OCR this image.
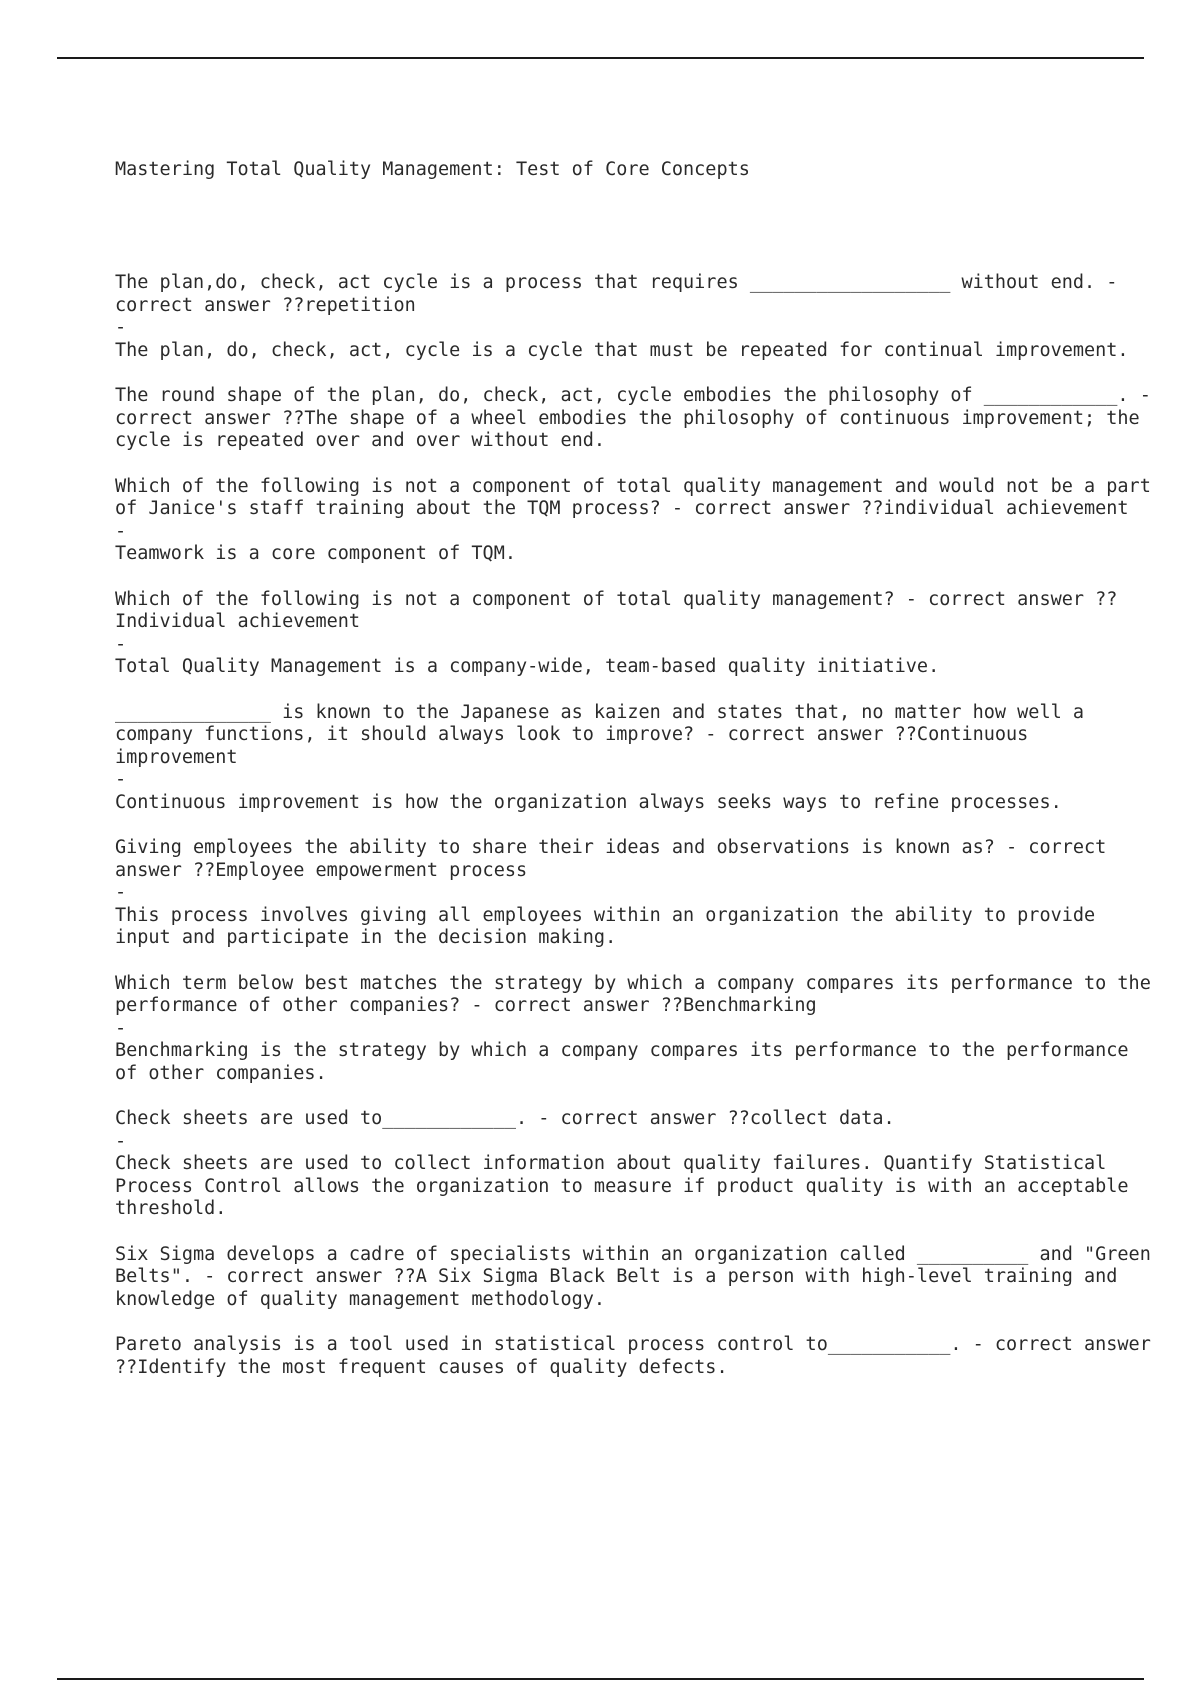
Mastering Total Quality Management: Test of Core Concepts

The plan,do, check, act cycle is a process that requires __________________ without end. - correct answer ??repetition

-

The plan, do, check, act, cycle is a cycle that must be repeated for continual improvement.

The round shape of the plan, do, check, act, cycle embodies the philosophy of ____________. - correct answer ??The shape of a wheel embodies the philosophy of continuous improvement; the cycle is repeated over and over without end.

Which of the following is not a component of total quality management and would not be a part of Janice's staff training about the TQM process? - correct answer ??individual achievement

-

Teamwork is a core component of TQM.

Which of the following is not a component of total quality management? - correct answer ??Individual achievement

-

Total Quality Management is a company-wide, team-based quality initiative.

______________ is known to the Japanese as kaizen and states that, no matter how well a company functions, it should always look to improve? - correct answer ??Continuous improvement

-

Continuous improvement is how the organization always seeks ways to refine processes.

Giving employees the ability to share their ideas and observations is known as? - correct answer ??Employee empowerment process

-

This process involves giving all employees within an organization the ability to provide input and participate in the decision making.

Which term below best matches the strategy by which a company compares its performance to the performance of other companies? - correct answer ??Benchmarking

-

Benchmarking is the strategy by which a company compares its performance to the performance of other companies.

Check sheets are used to____________. - correct answer ??collect data.

-

Check sheets are used to collect information about quality failures. Quantify Statistical Process Control allows the organization to measure if product quality is with an acceptable threshold.

Six Sigma develops a cadre of specialists within an organization called __________ and "Green Belts". - correct answer ??A Six Sigma Black Belt is a person with high-level training and knowledge of quality management methodology.

Pareto analysis is a tool used in statistical process control to___________. - correct answer ??Identify the most frequent causes of quality defects.
